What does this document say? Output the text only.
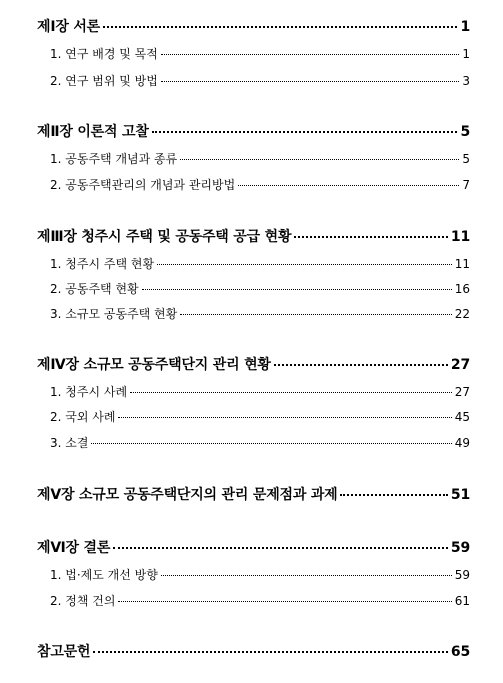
제Ⅰ장 서론	1
1. 연구 배경 및 목적	1
2. 연구 범위 및 방법	3
제Ⅱ장 이론적 고찰	5
1. 공동주택 개념과 종류	5
2. 공동주택관리의 개념과 관리방법	7
제Ⅲ장 청주시 주택 및 공동주택 공급 현황	11
1. 청주시 주택 현황	11
2. 공동주택 현황	16
3. 소규모 공동주택 현황	22
제Ⅳ장 소규모 공동주택단지 관리 현황	27
1. 청주시 사례	27
2. 국외 사례	45
3. 소결	49
제Ⅴ장 소규모 공동주택단지의 관리 문제점과 과제	51
제Ⅵ장 결론	59
1. 법·제도 개선 방향	59
2. 정책 건의	61
참고문헌	65
